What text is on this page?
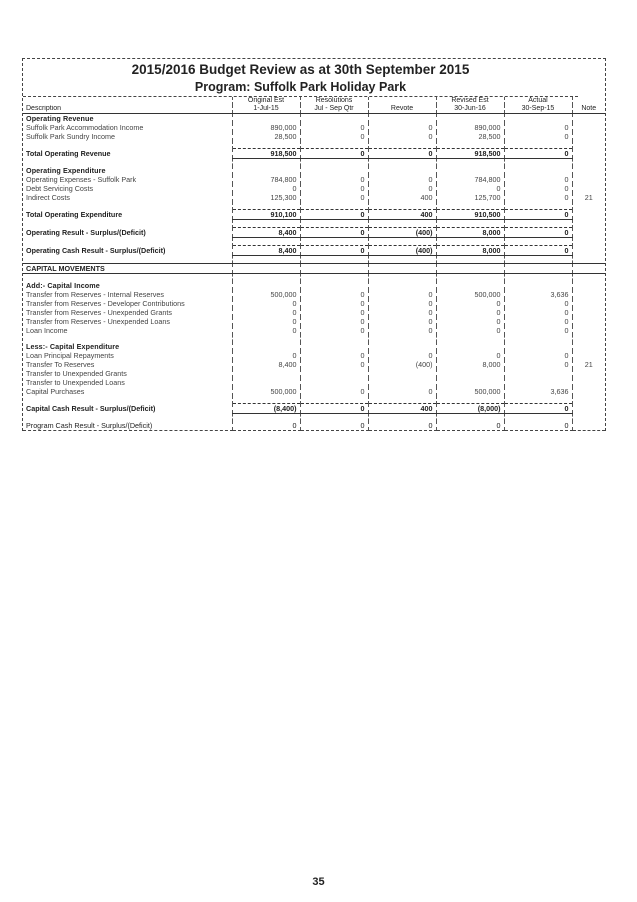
2015/2016 Budget Review as at 30th September 2015
Program: Suffolk Park Holiday Park
	Original Est	Resolutions		Revised Est	Actual	
Description	1-Jul-15	Jul - Sep Qtr	Revote	30-Jun-16	30-Sep-15	Note
Operating Revenue						
Suffolk Park Accommodation Income	890,000	0	0	890,000	0	
Suffolk Park Sundry Income	28,500	0	0	28,500	0	

Total Operating Revenue	918,500	0	0	918,500	0	

Operating Expenditure						
Operating Expenses - Suffolk Park	784,800	0	0	784,800	0	
Debt Servicing Costs	0	0	0	0	0	
Indirect Costs	125,300	0	400	125,700	0	21

Total Operating Expenditure	910,100	0	400	910,500	0	

Operating Result - Surplus/(Deficit)	8,400	0	(400)	8,000	0	

Operating Cash Result - Surplus/(Deficit)	8,400	0	(400)	8,000	0	

CAPITAL MOVEMENTS						

Add:- Capital Income						
Transfer from Reserves - Internal Reserves	500,000	0	0	500,000	3,636	
Transfer from Reserves - Developer Contributions	0	0	0	0	0	
Transfer from Reserves - Unexpended Grants	0	0	0	0	0	
Transfer from Reserves - Unexpended Loans	0	0	0	0	0	
Loan Income	0	0	0	0	0	

Less:- Capital Expenditure						
Loan Principal Repayments	0	0	0	0	0	
Transfer To Reserves	8,400	0	(400)	8,000	0	21
Transfer to Unexpended Grants						
Transfer to Unexpended Loans						
Capital Purchases	500,000	0	0	500,000	3,636	

Capital Cash Result - Surplus/(Deficit)	(8,400)	0	400	(8,000)	0	

Program Cash Result - Surplus/(Deficit)	0	0	0	0	0	
35
